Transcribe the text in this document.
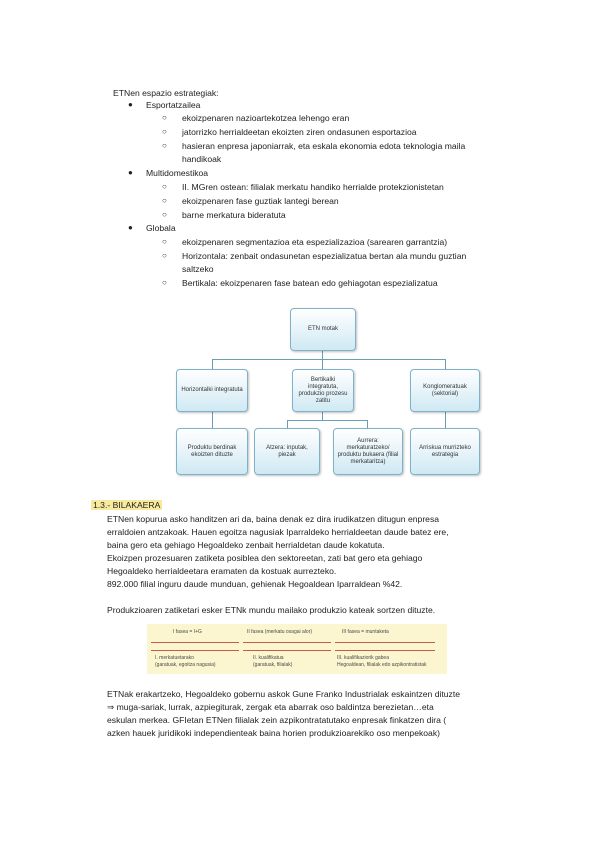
ETNen espazio estrategiak:
● Esportatzailea
○ ekoizpenaren nazioartekotzea lehengo eran
○ jatorrizko herrialdeetan ekoizten ziren ondasunen esportazioa
○ hasieran enpresa japoniarrak, eta eskala ekonomia edota teknologia maila
handikoak
● Multidomestikoa
○ II. MGren ostean: filialak merkatu handiko herrialde protekzionistetan
○ ekoizpenaren fase guztiak lantegi berean
○ barne merkatura bideratuta
● Globala
○ ekoizpenaren segmentazioa eta espezializazioa (sarearen garrantzia)
○ Horizontala: zenbait ondasunetan espezializatua bertan ala mundu guztian
saltzeko
○ Bertikala: ekoizpenaren fase batean edo gehiagotan espezializatua
ETN motak
Horizontalki integratuta
Bertikalki integratuta, produkzio prozesu zatitu
Konglomeratuak (sektorial)
Produktu berdinak ekoizten dituzte
Atzera: inputak, piezak
Aurrera: merkaturatzeko/ produktu bukaera (filial merkataritza)
Arriskua murrizteko estrategia
1.3.- BILAKAERA
ETNen kopurua asko handitzen ari da, baina denak ez dira irudikatzen ditugun enpresa
erraldoien antzakoak. Hauen egoitza nagusiak Iparraldeko herrialdeetan daude batez ere,
baina gero eta gehiago Hegoaldeko zenbait herrialdetan daude kokatuta.
Ekoizpen prozesuaren zatiketa posiblea den sektoreetan, zati bat gero eta gehiago
Hegoaldeko herrialdeetara eramaten da kostuak aurrezteko.
892.000 filial inguru daude munduan, gehienak Hegoaldean Iparraldean %42.
Produkzioaren zatiketari esker ETNk mundu mailako produkzio kateak sortzen dituzte.
I fasea = I+G	II fasea (merkatu osagai alor)	III fasea = muntaketa
I. merkatuetarako
(garatuak, egoitza nagusia)
II. kualifikatua
(garatuak, filialak)
III. kualifikaziorik gabea
Hegoaldean, filialak edo azpikontratistak
ETNak erakartzeko, Hegoaldeko gobernu askok Gune Franko Industrialak eskaintzen dituzte
⇒ muga-sariak, lurrak, azpiegiturak, zergak eta abarrak oso baldintza berezietan…eta
eskulan merkea. GFIetan ETNen filialak zein azpikontratatutako enpresak finkatzen dira (
azken hauek juridikoki independienteak baina horien produkzioarekiko oso menpekoak)
